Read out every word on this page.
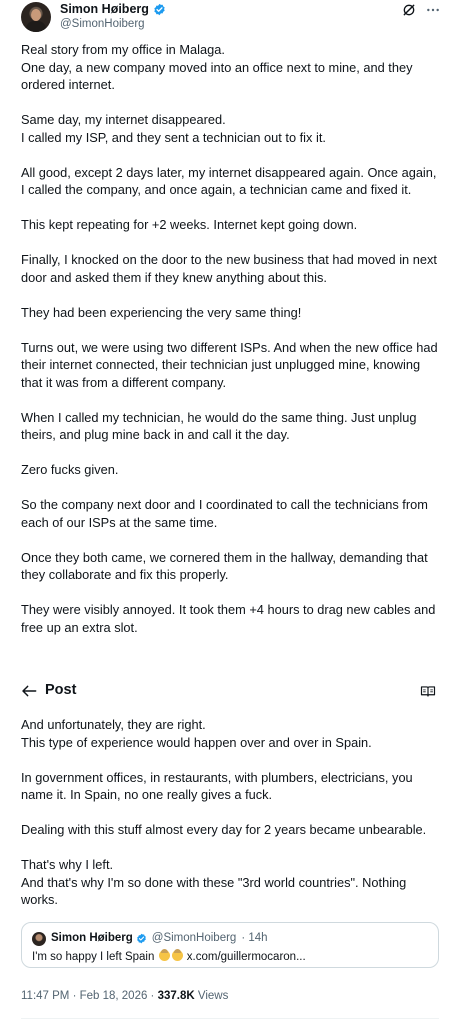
Simon Høiberg
@SimonHoiberg

Real story from my office in Malaga.
One day, a new company moved into an office next to mine, and they ordered internet.

Same day, my internet disappeared.
I called my ISP, and they sent a technician out to fix it.

All good, except 2 days later, my internet disappeared again. Once again, I called the company, and once again, a technician came and fixed it.

This kept repeating for +2 weeks. Internet kept going down.

Finally, I knocked on the door to the new business that had moved in next door and asked them if they knew anything about this.

They had been experiencing the very same thing!

Turns out, we were using two different ISPs. And when the new office had their internet connected, their technician just unplugged mine, knowing that it was from a different company.

When I called my technician, he would do the same thing. Just unplug theirs, and plug mine back in and call it the day.

Zero fucks given.

So the company next door and I coordinated to call the technicians from each of our ISPs at the same time.

Once they both came, we cornered them in the hallway, demanding that they collaborate and fix this properly.

They were visibly annoyed. It took them +4 hours to drag new cables and free up an extra slot.

Post

And unfortunately, they are right.
This type of experience would happen over and over in Spain.

In government offices, in restaurants, with plumbers, electricians, you name it. In Spain, no one really gives a fuck.

Dealing with this stuff almost every day for 2 years became unbearable.

That's why I left.
And that's why I'm so done with these "3rd world countries". Nothing works.

Simon Høiberg @SimonHoiberg · 14h
I'm so happy I left Spain	x.com/guillermocaron...
11:47 PM · Feb 18, 2026 · 337.8K Views
